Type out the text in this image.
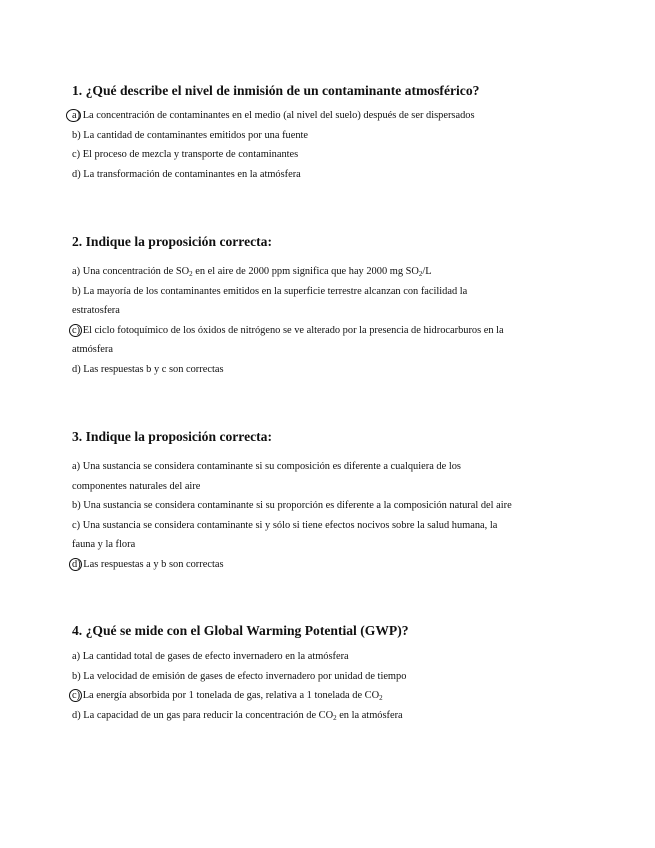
1. ¿Qué describe el nivel de inmisión de un contaminante atmosférico?

a) La concentración de contaminantes en el medio (al nivel del suelo) después de ser dispersados

b) La cantidad de contaminantes emitidos por una fuente

c) El proceso de mezcla y transporte de contaminantes

d) La transformación de contaminantes en la atmósfera

2. Indique la proposición correcta:

a) Una concentración de $SO_2$ en el aire de 2000 ppm significa que hay 2000 mg $SO_2/L$

b) La mayoría de los contaminantes emitidos en la superficie terrestre alcanzan con facilidad la
estratosfera

c) El ciclo fotoquímico de los óxidos de nitrógeno se ve alterado por la presencia de hidrocarburos en la
atmósfera

d) Las respuestas b y c son correctas

3. Indique la proposición correcta:

a) Una sustancia se considera contaminante si su composición es diferente a cualquiera de los
componentes naturales del aire

b) Una sustancia se considera contaminante si su proporción es diferente a la composición natural del aire

c) Una sustancia se considera contaminante si y sólo si tiene efectos nocivos sobre la salud humana, la
fauna y la flora

d) Las respuestas a y b son correctas

4. ¿Qué se mide con el Global Warming Potential (GWP)?

a) La cantidad total de gases de efecto invernadero en la atmósfera

b) La velocidad de emisión de gases de efecto invernadero por unidad de tiempo

c) La energía absorbida por 1 tonelada de gas, relativa a 1 tonelada de $CO_2$

d) La capacidad de un gas para reducir la concentración de $CO_2$ en la atmósfera
